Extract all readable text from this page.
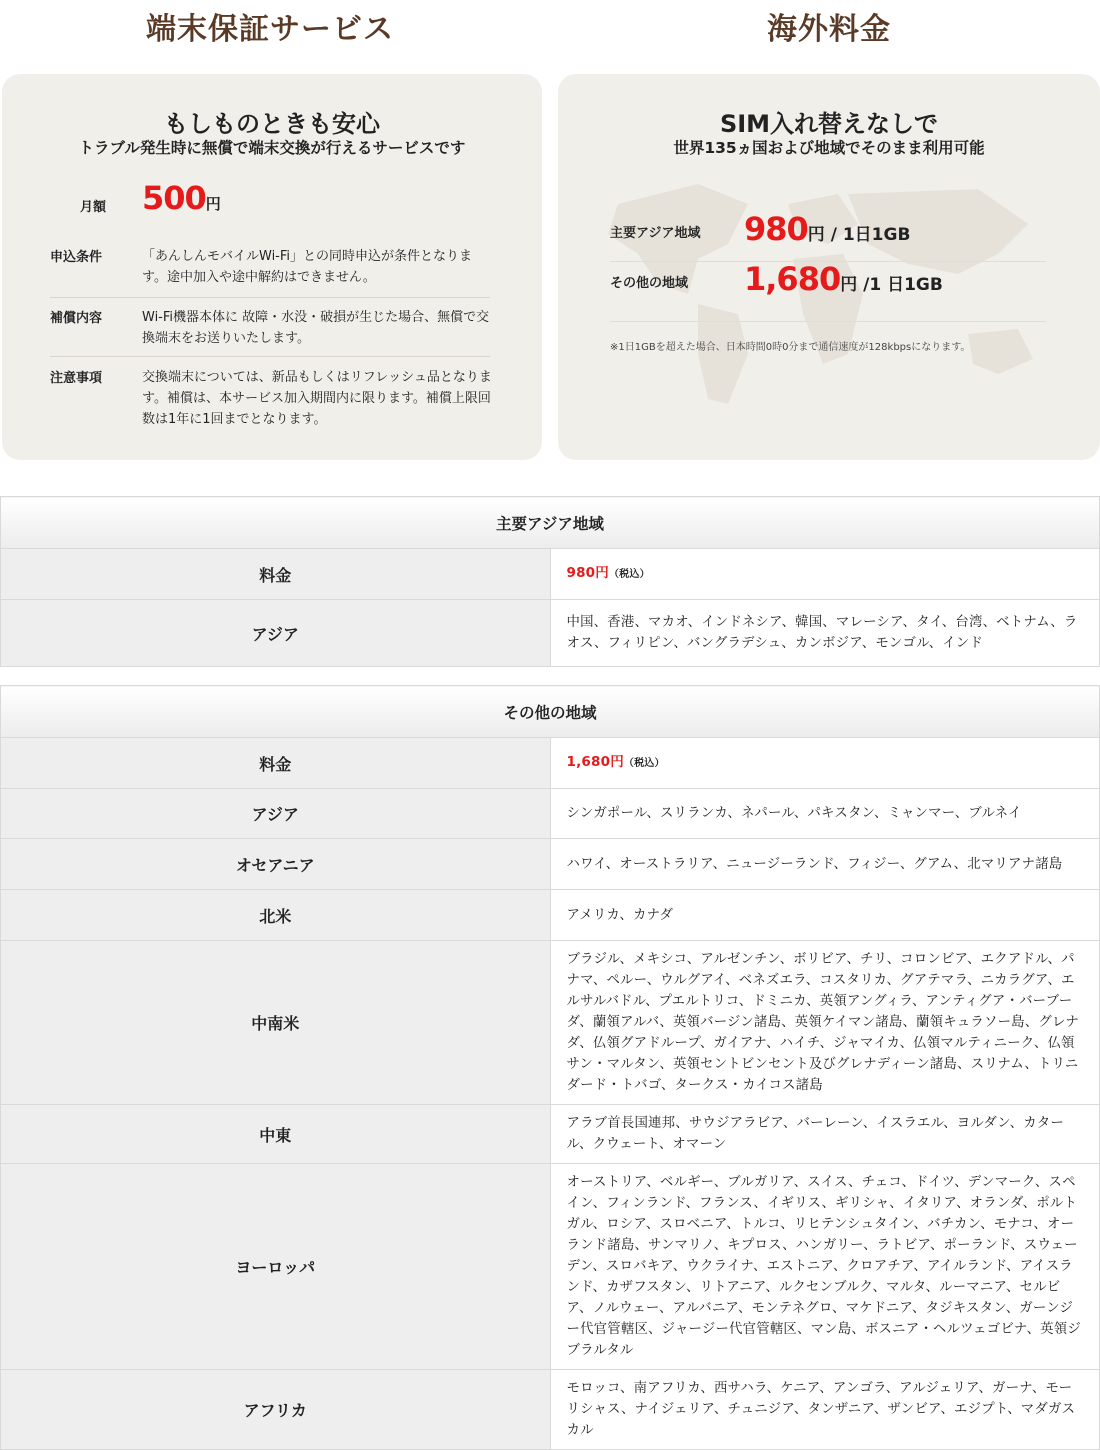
端末保証サービス	海外料金
もしものときも安心
トラブル発生時に無償で端末交換が行えるサービスです
月額 500円
申込条件	「あんしんモバイルWi-Fi」との同時申込が条件となります。途中加入や途中解約はできません。
補償内容	Wi-Fi機器本体に 故障・水没・破損が生じた場合、無償で交換端末をお送りいたします。
注意事項	交換端末については、新品もしくはリフレッシュ品となります。補償は、本サービス加入期間内に限ります。補償上限回数は1年に1回までとなります。
SIM入れ替えなしで
世界135ヵ国および地域でそのまま利用可能
主要アジア地域 980円 / 1日1GB
その他の地域 1,680円 /1 日1GB
※1日1GBを超えた場合、日本時間0時0分まで通信速度が128kbpsになります。
主要アジア地域	
料金	980円（税込）
アジア	中国、香港、マカオ、インドネシア、韓国、マレーシア、タイ、台湾、ベトナム、ラオス、フィリピン、バングラデシュ、カンボジア、モンゴル、インド
その他の地域	
料金	1,680円（税込）
アジア	シンガポール、スリランカ、ネパール、パキスタン、ミャンマー、ブルネイ
オセアニア	ハワイ、オーストラリア、ニュージーランド、フィジー、グアム、北マリアナ諸島
北米	アメリカ、カナダ
中南米	ブラジル、メキシコ、アルゼンチン、ボリビア、チリ、コロンビア、エクアドル、パナマ、ペルー、ウルグアイ、ベネズエラ、コスタリカ、グアテマラ、ニカラグア、エルサルバドル、プエルトリコ、ドミニカ、英領アングィラ、アンティグア・バーブーダ、蘭領アルバ、英領バージン諸島、英領ケイマン諸島、蘭領キュラソー島、グレナダ、仏領グアドループ、ガイアナ、ハイチ、ジャマイカ、仏領マルティニーク、仏領サン・マルタン、英領セントビンセント及びグレナディーン諸島、スリナム、トリニダード・トバゴ、タークス・カイコス諸島
中東	アラブ首長国連邦、サウジアラビア、バーレーン、イスラエル、ヨルダン、カタール、クウェート、オマーン
ヨーロッパ	オーストリア、ベルギー、ブルガリア、スイス、チェコ、ドイツ、デンマーク、スペイン、フィンランド、フランス、イギリス、ギリシャ、イタリア、オランダ、ポルトガル、ロシア、スロベニア、トルコ、リヒテンシュタイン、バチカン、モナコ、オーランド諸島、サンマリノ、キプロス、ハンガリー、ラトビア、ポーランド、スウェーデン、スロバキア、ウクライナ、エストニア、クロアチア、アイルランド、アイスランド、カザフスタン、リトアニア、ルクセンブルク、マルタ、ルーマニア、セルビア、ノルウェー、アルバニア、モンテネグロ、マケドニア、タジキスタン、ガーンジー代官管轄区、ジャージー代官管轄区、マン島、ボスニア・ヘルツェゴビナ、英領ジブラルタル
アフリカ	モロッコ、南アフリカ、西サハラ、ケニア、アンゴラ、アルジェリア、ガーナ、モーリシャス、ナイジェリア、チュニジア、タンザニア、ザンビア、エジプト、マダガスカル
